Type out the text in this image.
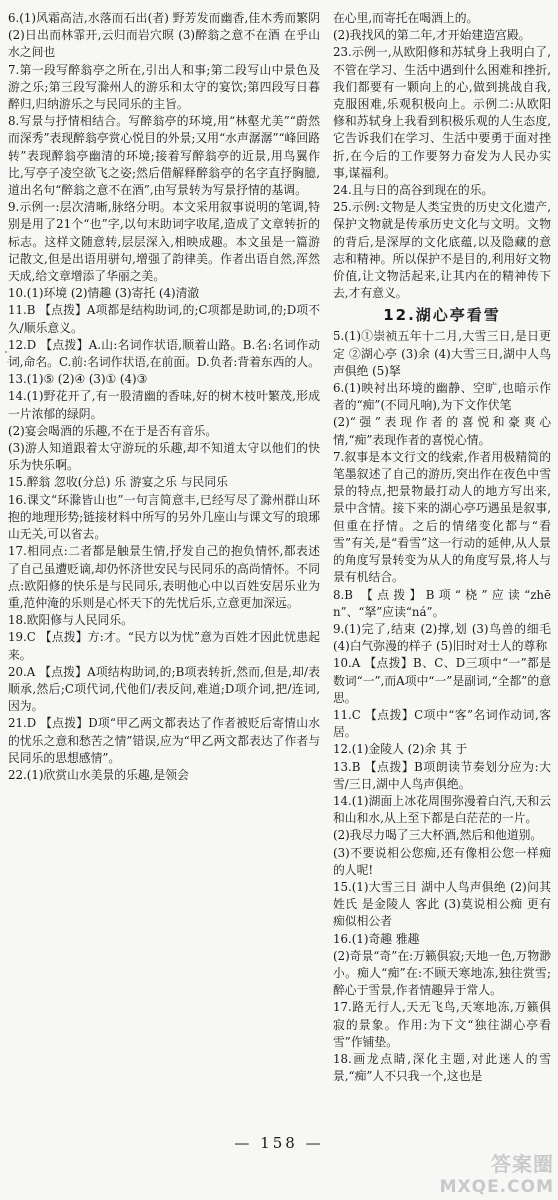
6.(1)风霜高洁,水落而石出(者) 野芳发而幽香,佳木秀而繁阴 (2)日出而林霏开,云归而岩穴暝 (3)醉翁之意不在酒 在乎山水之间也

7.第一段写醉翁亭之所在,引出人和事;第二段写山中景色及游之乐;第三段写滁州人的游乐和太守的宴饮;第四段写日暮醉归,归纳游乐之与民同乐的主旨。

8.写景与抒情相结合。写醉翁亭的环境,用“林壑尤美”“蔚然而深秀”表现醉翁亭赏心悦目的外景;又用“水声潺潺”“峰回路转”表现醉翁亭幽清的环境;接着写醉翁亭的近景,用鸟翼作比,写亭子凌空欲飞之姿;然后借解释醉翁亭的名字直抒胸臆,道出名句“醉翁之意不在酒”,由写景转为写景抒情的基调。

9.示例一:层次清晰,脉络分明。本文采用叙事说明的笔调,特别是用了21个“也”字,以句末助词字收尾,造成了文章转折的标志。这样文随意转,层层深入,相映成趣。本文虽是一篇游记散文,但是出语用骈句,增强了韵律美。作者出语自然,浑然天成,给文章增添了华丽之美。

10.(1)环境 (2)情趣 (3)寄托 (4)清澈

11.B 【点拨】A项都是结构助词,的;C项都是助词,的;D项不久/顺乐意义。

12.D 【点拨】A.山:名词作状语,顺着山路。B.名:名词作动词,命名。C.前:名词作状语,在前面。D.负者:背着东西的人。

13.(1)⑤ (2)④ (3)① (4)③

14.(1)野花开了,有一股清幽的香味,好的树木枝叶繁茂,形成一片浓郁的绿阴。

(2)宴会喝酒的乐趣,不在于是否有音乐。

(3)游人知道跟着太守游玩的乐趣,却不知道太守以他们的快乐为快乐啊。

15.醉翁 忽收(分总) 乐 游宴之乐 与民同乐

16.课文“环滁皆山也”一句言简意丰,已经写尽了滁州群山环抱的地理形势;链接材料中所写的另外几座山与课文写的琅琊山无关,可以省去。

17.相同点:二者都是触景生情,抒发自己的抱负情怀,都表述了自己虽遭贬谪,却仍怀济世安民与民同乐的高尚情怀。不同点:欧阳修的快乐是与民同乐,表明他心中以百姓安居乐业为重,范仲淹的乐则是心怀天下的先忧后乐,立意更加深远。

18.欧阳修与人民同乐。

19.C 【点拨】方:才。“民方以为忧”意为百姓才因此忧患起来。

20.A 【点拨】A项结构助词,的;B项表转折,然而,但是,却/表顺承,然后;C项代词,代他们/表反问,难道;D项介词,把/连词,因为。

21.D 【点拨】D项“甲乙两文都表达了作者被贬后寄情山水的忧乐之意和愁苦之情”错误,应为“甲乙两文都表达了作者与民同乐的思想感情”。

22.(1)欣赏山水美景的乐趣,是领会

在心里,而寄托在喝酒上的。

(2)我找风的第二年,才开始建造宫殿。

23.示例一,从欧阳修和苏轼身上我明白了,不管在学习、生活中遇到什么困难和挫折,我们都要有一颗向上的心,做到挑战自我,克服困难,乐观积极向上。示例二:从欧阳修和苏轼身上我看到积极乐观的人生态度,它告诉我们在学习、生活中要勇于面对挫折,在今后的工作要努力奋发为人民办实事,谋福利。

24.且与日的高谷到现在的乐。

25.示例:文物是人类宝贵的历史文化遗产,保护文物就是传承历史文化与文明。文物的背后,是深厚的文化底蕴,以及隐藏的意志和精神。所以保护不是目的,利用好文物价值,让文物活起来,让其内在的精神传下去,才有意义。

12.湖心亭看雪

5.(1)①崇祯五年十二月,大雪三日,是日更定 ②湖心亭 (3)余 (4)大雪三日,湖中人鸟声俱绝 (5)拏

6.(1)映衬出环境的幽静、空旷,也暗示作者的“痴”(不同凡响),为下文作伏笔

(2)“强”表现作者的喜悦和豪爽心情,“痴”表现作者的喜悦心情。

7.叙事是本文行文的线索,作者用极精简的笔墨叙述了自己的游历,突出作在夜色中雪景的特点,把景物最打动人的地方写出来,景中含情。接下来的湖心亭巧遇虽是叙事,但重在抒情。之后的情绪变化都与“看雪”有关,是“看雪”这一行动的延伸,从人景的角度写景转变为从人的角度写景,将人与景有机结合。

8.B 【点拨】B项“桡”应读“zhēn”、“拏”应读“ná”。

9.(1)完了,结束 (2)撑,划 (3)鸟兽的细毛 (4)白气弥漫的样子 (5)旧时对士人的尊称

10.A 【点拨】B、C、D三项中“一”都是数词“一”,而A项中“一”是副词,“全都”的意思。

11.C 【点拨】C项中“客”名词作动词,客居。

12.(1)金陵人 (2)余 其 于

13.B 【点拨】B项朗读节奏划分应为:大雪/三日,湖中人鸟声俱绝。

14.(1)湖面上冰花周围弥漫着白汽,天和云和山和水,从上至下都是白茫茫的一片。

(2)我尽力喝了三大杯酒,然后和他道别。

(3)不要说相公您痴,还有像相公您一样痴的人呢!

15.(1)大雪三日 湖中人鸟声俱绝 (2)问其姓氏 是金陵人 客此 (3)莫说相公痴 更有痴似相公者

16.(1)奇趣 雅趣

(2)奇景“奇”在:万籁俱寂;天地一色,万物渺小。痴人“痴”在:不顾天寒地冻,独往赏雪;醉心于雪景,作者情趣异于常人。

17.路无行人,天无飞鸟,天寒地冻,万籁俱寂的景象。作用:为下文“独往湖心亭看雪”作铺垫。

18.画龙点睛,深化主题,对此迷人的雪景,“痴”人不只我一个,这也是

— 158 —
答案圈
MXQE.COM
